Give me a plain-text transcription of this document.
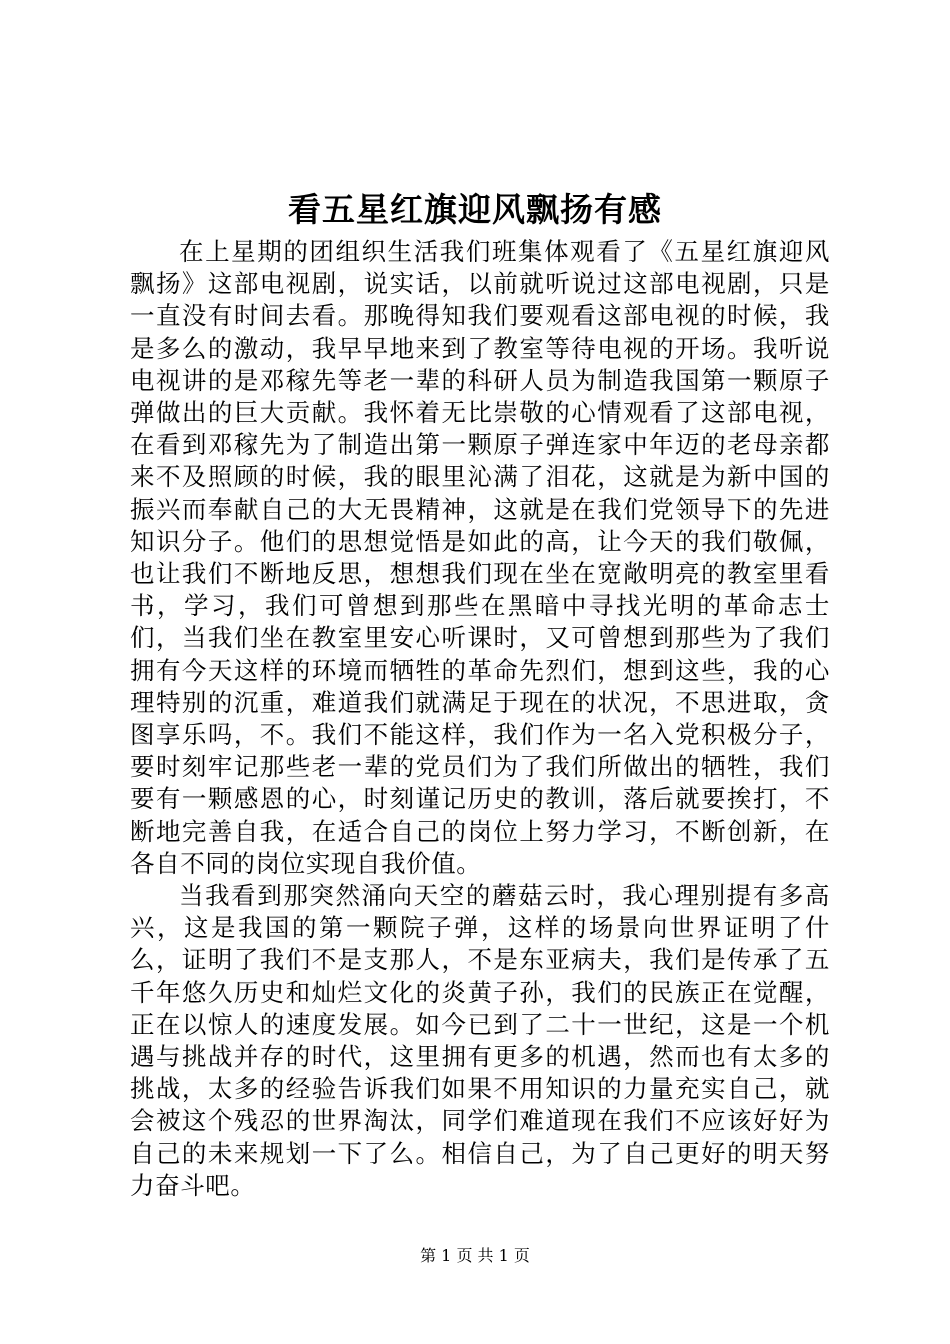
看五星红旗迎风飘扬有感

在上星期的团组织生活我们班集体观看了《五星红旗迎风飘扬》这部电视剧，说实话，以前就听说过这部电视剧，只是一直没有时间去看。那晚得知我们要观看这部电视的时候，我是多么的激动，我早早地来到了教室等待电视的开场。我听说电视讲的是邓稼先等老一辈的科研人员为制造我国第一颗原子弹做出的巨大贡献。我怀着无比崇敬的心情观看了这部电视，在看到邓稼先为了制造出第一颗原子弹连家中年迈的老母亲都来不及照顾的时候，我的眼里沁满了泪花，这就是为新中国的振兴而奉献自己的大无畏精神，这就是在我们党领导下的先进知识分子。他们的思想觉悟是如此的高，让今天的我们敬佩，也让我们不断地反思，想想我们现在坐在宽敞明亮的教室里看书，学习，我们可曾想到那些在黑暗中寻找光明的革命志士们，当我们坐在教室里安心听课时，又可曾想到那些为了我们拥有今天这样的环境而牺牲的革命先烈们，想到这些，我的心理特别的沉重，难道我们就满足于现在的状况，不思进取，贪图享乐吗，不。我们不能这样，我们作为一名入党积极分子，要时刻牢记那些老一辈的党员们为了我们所做出的牺牲，我们要有一颗感恩的心，时刻谨记历史的教训，落后就要挨打，不断地完善自我，在适合自己的岗位上努力学习，不断创新，在各自不同的岗位实现自我价值。

当我看到那突然涌向天空的蘑菇云时，我心理别提有多高兴，这是我国的第一颗院子弹，这样的场景向世界证明了什么，证明了我们不是支那人，不是东亚病夫，我们是传承了五千年悠久历史和灿烂文化的炎黄子孙，我们的民族正在觉醒，正在以惊人的速度发展。如今已到了二十一世纪，这是一个机遇与挑战并存的时代，这里拥有更多的机遇，然而也有太多的挑战，太多的经验告诉我们如果不用知识的力量充实自己，就会被这个残忍的世界淘汰，同学们难道现在我们不应该好好为自己的未来规划一下了么。相信自己，为了自己更好的明天努力奋斗吧。

第 1 页 共 1 页
